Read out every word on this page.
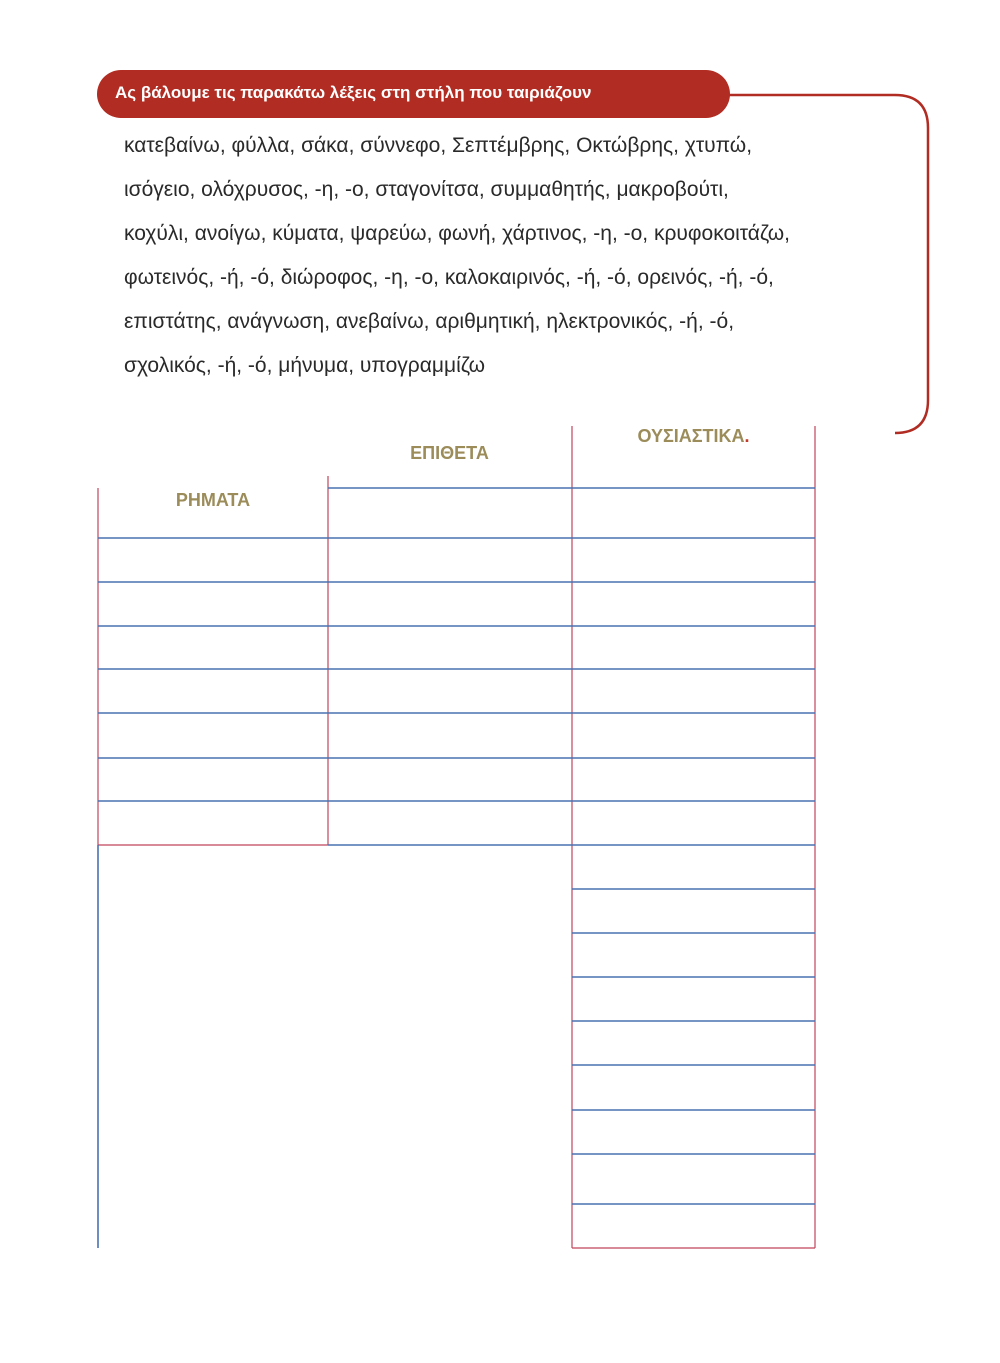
Ας βάλουμε τις παρακάτω λέξεις στη στήλη που ταιριάζουν
κατεβαίνω, φύλλα, σάκα, σύννεφο, Σεπτέμβρης, Οκτώβρης, χτυπώ,
ισόγειο, ολόχρυσος, -η, -ο, σταγονίτσα, συμμαθητής, μακροβούτι,
κοχύλι, ανοίγω, κύματα, ψαρεύω, φωνή, χάρτινος, -η, -ο, κρυφοκοιτάζω,
φωτεινός, -ή, -ό, διώροφος, -η, -ο, καλοκαιρινός, -ή, -ό, ορεινός, -ή, -ό,
επιστάτης, ανάγνωση, ανεβαίνω, αριθμητική, ηλεκτρονικός, -ή, -ό,
σχολικός, -ή, -ό, μήνυμα, υπογραμμίζω
ΡΗΜΑΤΑ
ΕΠΙΘΕΤΑ
ΟΥΣΙΑΣΤΙΚΑ.
